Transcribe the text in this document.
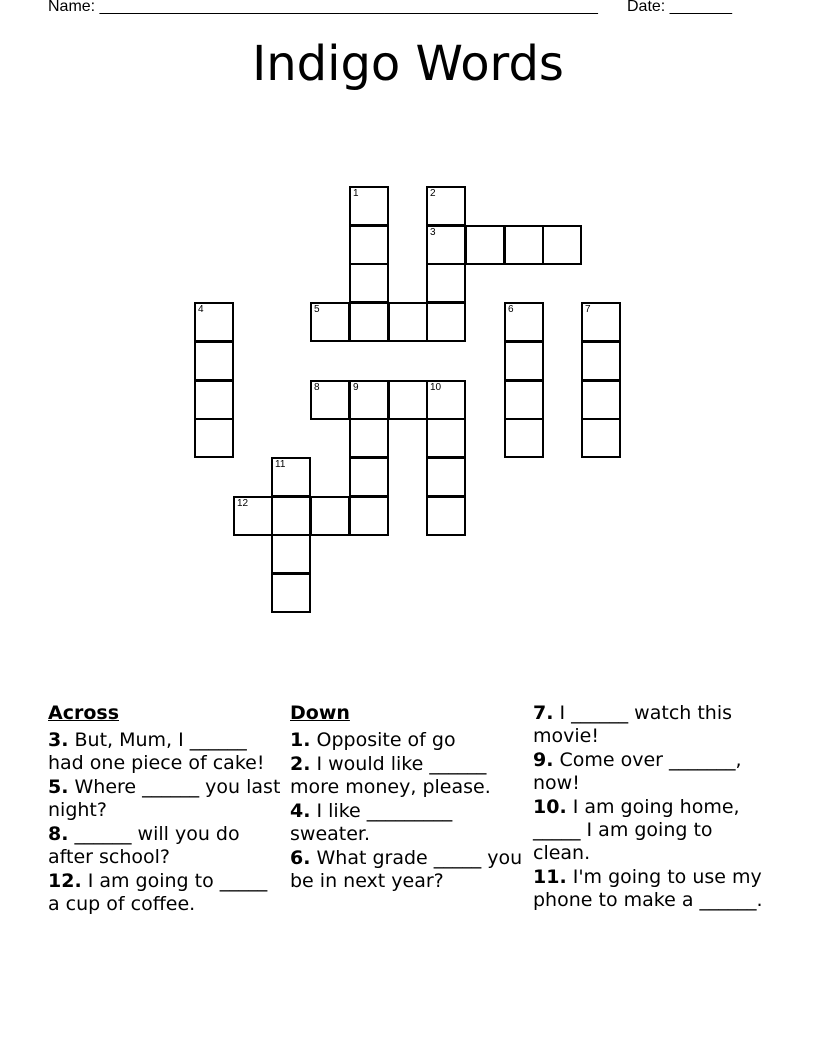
Name: ________________________________________________________ Date: _______
Indigo Words
1	2
3
4	5	6	7
8	9	10
11
12
Across
3. But, Mum, I ______ had one piece of cake!
5. Where ______ you last night?
8. ______ will you do after school?
12. I am going to _____ a cup of coffee.
Down
1. Opposite of go
2. I would like ______ more money, please.
4. I like _________ sweater.
6. What grade _____ you be in next year?
7. I ______ watch this movie!
9. Come over _______, now!
10. I am going home, _____ I am going to clean.
11. I'm going to use my phone to make a ______.
